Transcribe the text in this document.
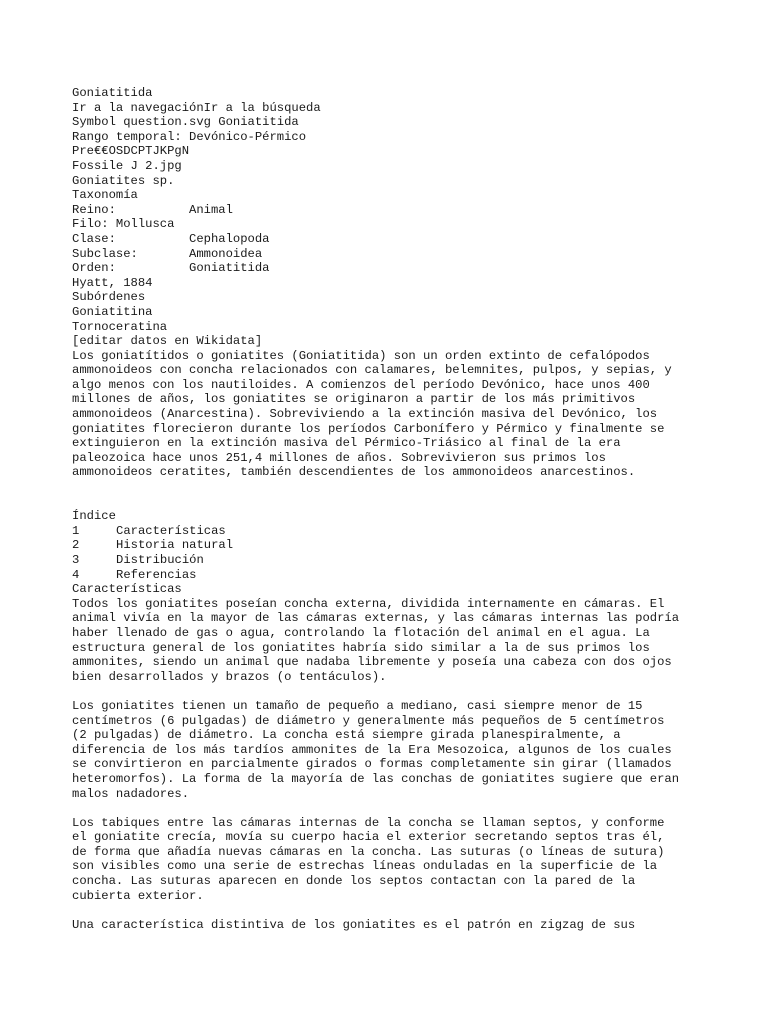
Goniatitida
Ir a la navegaciónIr a la búsqueda
Symbol question.svg Goniatitida
Rango temporal: Devónico-Pérmico
Pre€€OSDCPTJKPgN
Fossile J 2.jpg
Goniatites sp.
Taxonomía
Reino:	Animal
Filo: Mollusca
Clase:	Cephalopoda
Subclase:	Ammonoidea
Orden:	Goniatitida
Hyatt, 1884
Subórdenes
Goniatitina
Tornoceratina
[editar datos en Wikidata]
Los goniatítidos o goniatites (Goniatitida) son un orden extinto de cefalópodos
ammonoideos con concha relacionados con calamares, belemnites, pulpos, y sepias, y
algo menos con los nautiloides. A comienzos del período Devónico, hace unos 400
millones de años, los goniatites se originaron a partir de los más primitivos
ammonoideos (Anarcestina). Sobreviviendo a la extinción masiva del Devónico, los
goniatites florecieron durante los períodos Carbonífero y Pérmico y finalmente se
extinguieron en la extinción masiva del Pérmico-Triásico al final de la era
paleozoica hace unos 251,4 millones de años. Sobrevivieron sus primos los
ammonoideos ceratites, también descendientes de los ammonoideos anarcestinos.
Índice
1	Características
2	Historia natural
3	Distribución
4	Referencias
Características
Todos los goniatites poseían concha externa, dividida internamente en cámaras. El
animal vivía en la mayor de las cámaras externas, y las cámaras internas las podría
haber llenado de gas o agua, controlando la flotación del animal en el agua. La
estructura general de los goniatites habría sido similar a la de sus primos los
ammonites, siendo un animal que nadaba libremente y poseía una cabeza con dos ojos
bien desarrollados y brazos (o tentáculos).
Los goniatites tienen un tamaño de pequeño a mediano, casi siempre menor de 15
centímetros (6 pulgadas) de diámetro y generalmente más pequeños de 5 centímetros
(2 pulgadas) de diámetro. La concha está siempre girada planespiralmente, a
diferencia de los más tardíos ammonites de la Era Mesozoica, algunos de los cuales
se convirtieron en parcialmente girados o formas completamente sin girar (llamados
heteromorfos). La forma de la mayoría de las conchas de goniatites sugiere que eran
malos nadadores.
Los tabiques entre las cámaras internas de la concha se llaman septos, y conforme
el goniatite crecía, movía su cuerpo hacia el exterior secretando septos tras él,
de forma que añadía nuevas cámaras en la concha. Las suturas (o líneas de sutura)
son visibles como una serie de estrechas líneas onduladas en la superficie de la
concha. Las suturas aparecen en donde los septos contactan con la pared de la
cubierta exterior.
Una característica distintiva de los goniatites es el patrón en zigzag de sus
